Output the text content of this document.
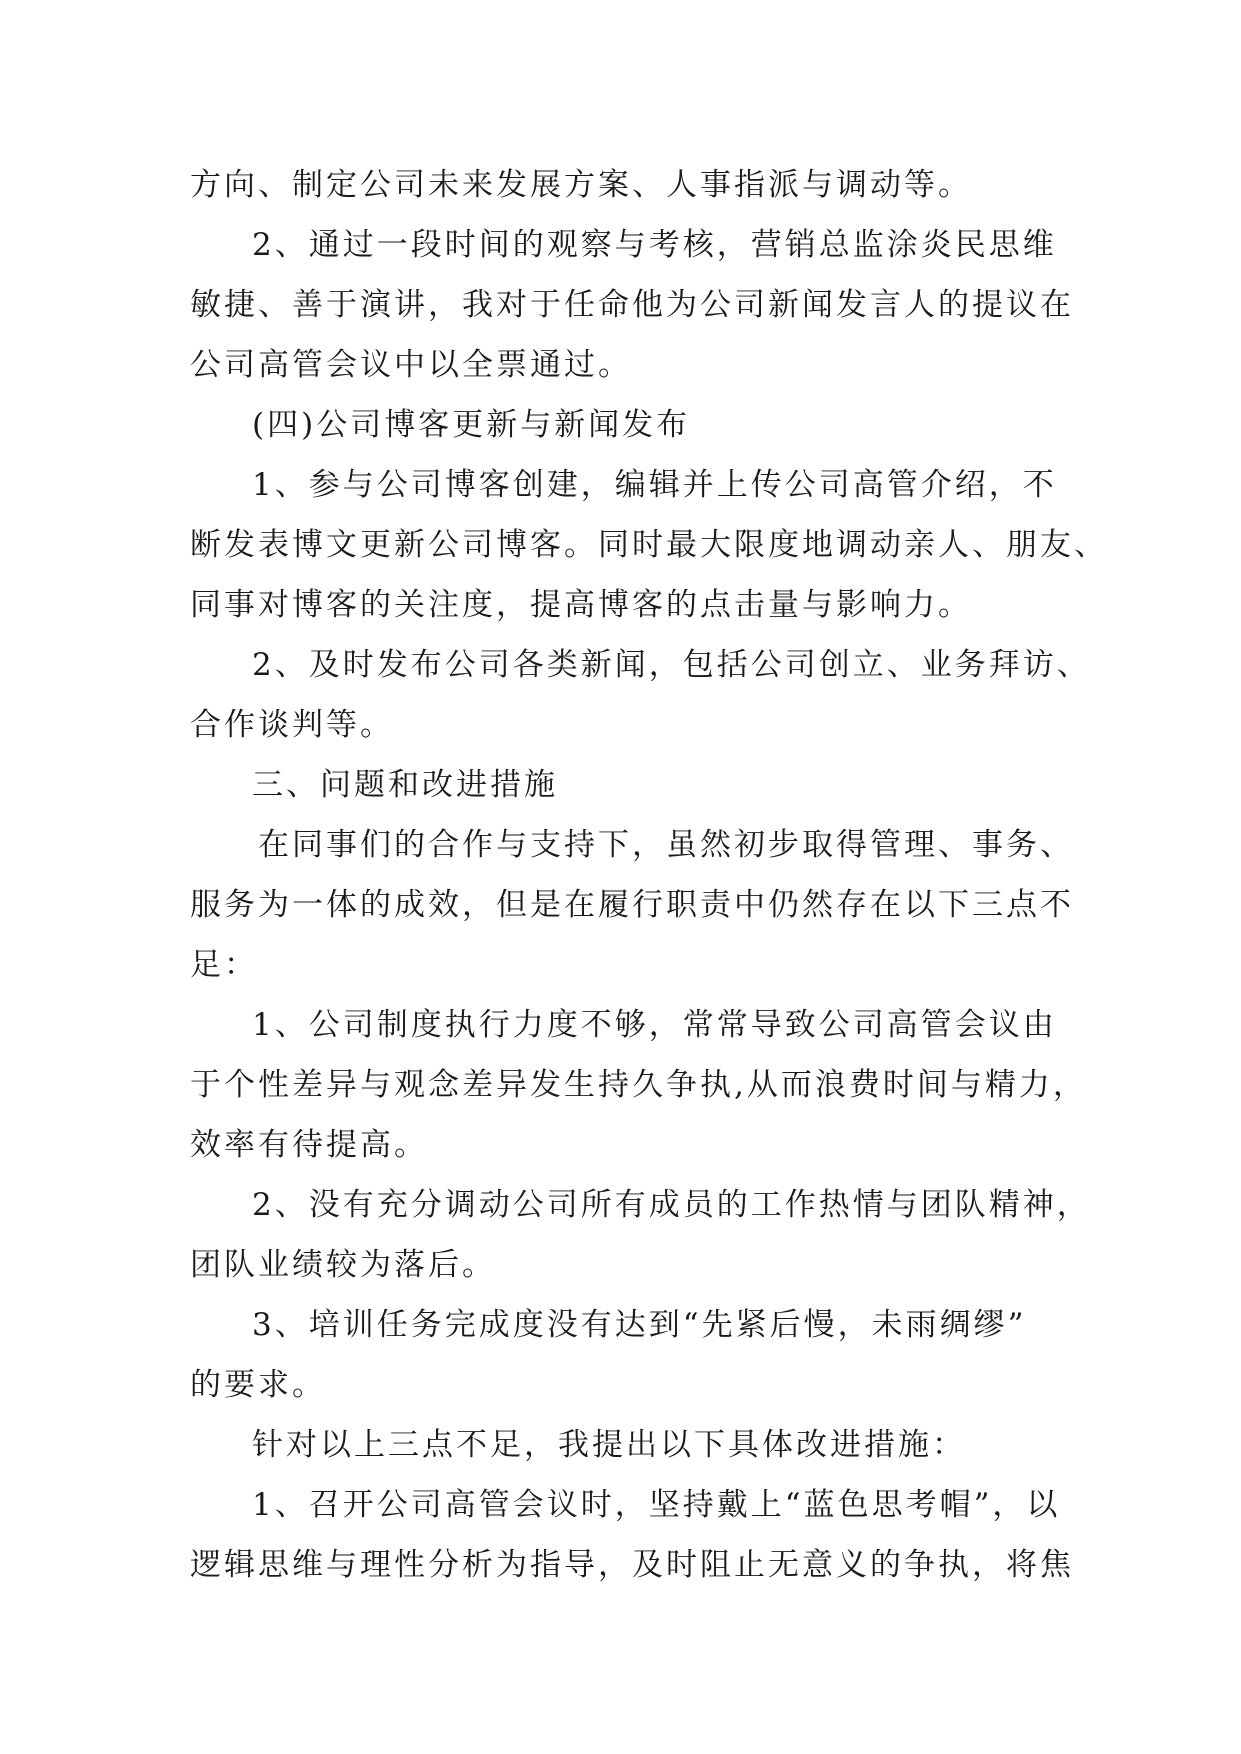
方向、制定公司未来发展方案、人事指派与调动等。

2、通过一段时间的观察与考核，营销总监涂炎民思维

敏捷、善于演讲，我对于任命他为公司新闻发言人的提议在

公司高管会议中以全票通过。

(四)公司博客更新与新闻发布

1、参与公司博客创建，编辑并上传公司高管介绍，不

断发表博文更新公司博客。同时最大限度地调动亲人、朋友、

同事对博客的关注度，提高博客的点击量与影响力。

2、及时发布公司各类新闻，包括公司创立、业务拜访、

合作谈判等。

三、问题和改进措施

在同事们的合作与支持下，虽然初步取得管理、事务、

服务为一体的成效，但是在履行职责中仍然存在以下三点不

足：

1、公司制度执行力度不够，常常导致公司高管会议由

于个性差异与观念差异发生持久争执,从而浪费时间与精力，

效率有待提高。

2、没有充分调动公司所有成员的工作热情与团队精神，

团队业绩较为落后。

3、培训任务完成度没有达到“先紧后慢，未雨绸缪”

的要求。

针对以上三点不足，我提出以下具体改进措施：

1、召开公司高管会议时，坚持戴上“蓝色思考帽”，以

逻辑思维与理性分析为指导，及时阻止无意义的争执，将焦
